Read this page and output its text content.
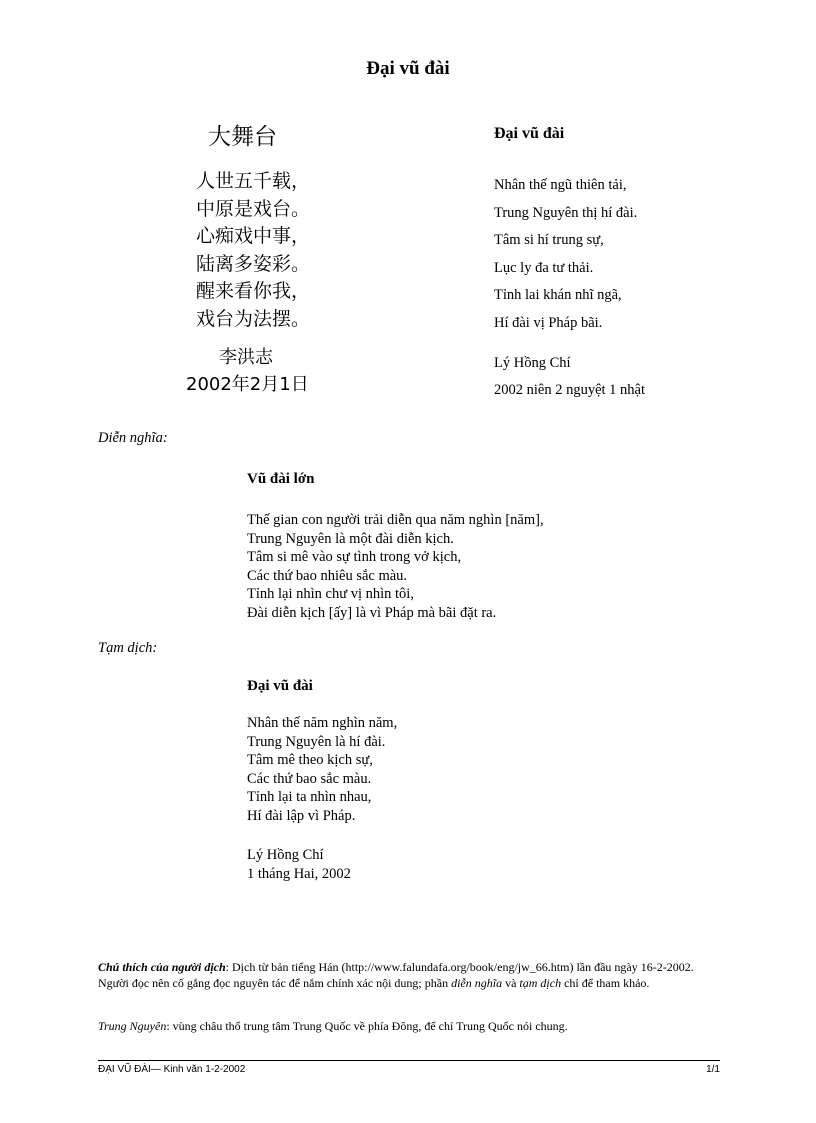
Đại vũ đài
大舞台
人世五千载，
中原是戏台。
心痴戏中事，
陆离多姿彩。
醒来看你我，
戏台为法摆。
李洪志
2002年2月1日
Đại vũ đài
Nhân thế ngũ thiên tải,
Trung Nguyên thị hí đài.
Tâm si hí trung sự,
Lục ly đa tư thải.
Tỉnh lai khán nhĩ ngã,
Hí đài vị Pháp bãi.
Lý Hồng Chí
2002 niên 2 nguyệt 1 nhật
Diễn nghĩa:
Vũ đài lớn
Thế gian con người trải diễn qua năm nghìn [năm],
Trung Nguyên là một đài diễn kịch.
Tâm si mê vào sự tình trong vở kịch,
Các thứ bao nhiêu sắc màu.
Tỉnh lại nhìn chư vị nhìn tôi,
Đài diễn kịch [ấy] là vì Pháp mà bãi đặt ra.
Tạm dịch:
Đại vũ đài
Nhân thế năm nghìn năm,
Trung Nguyên là hí đài.
Tâm mê theo kịch sự,
Các thứ bao sắc màu.
Tỉnh lại ta nhìn nhau,
Hí đài lập vì Pháp.
Lý Hồng Chí
1 tháng Hai, 2002
Chú thích của người dịch: Dịch từ bản tiếng Hán (http://www.falundafa.org/book/eng/jw_66.htm) lần đầu ngày 16-2-2002. Người đọc nên cố gắng đọc nguyên tác để nắm chính xác nội dung; phần diễn nghĩa và tạm dịch chỉ để tham khảo.
Trung Nguyên: vùng châu thổ trung tâm Trung Quốc về phía Đông, để chỉ Trung Quốc nói chung.
ĐẠI VŨ ĐÀI— Kinh văn 1-2-2002	1/1
